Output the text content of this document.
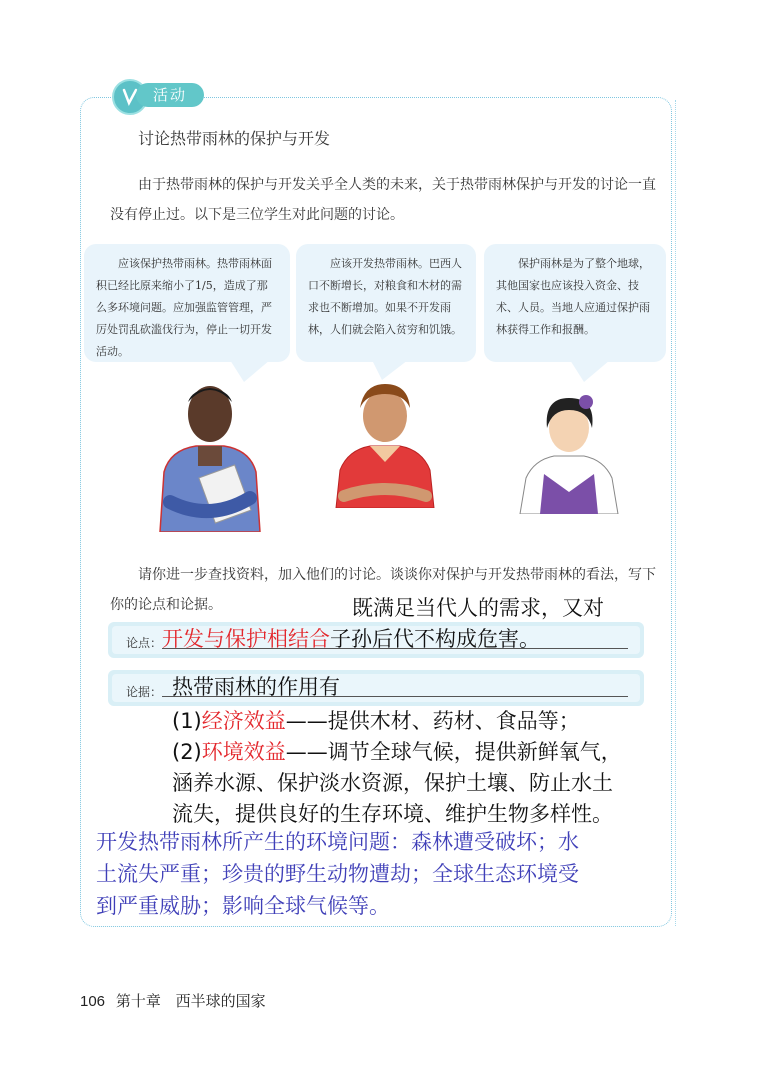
活动
讨论热带雨林的保护与开发
由于热带雨林的保护与开发关乎全人类的未来，关于热带雨林保护与开发的讨论一直没有停止过。以下是三位学生对此问题的讨论。
应该保护热带雨林。热带雨林面积已经比原来缩小了1/5，造成了那么多环境问题。应加强监管管理，严厉处罚乱砍滥伐行为，停止一切开发活动。
应该开发热带雨林。巴西人口不断增长，对粮食和木材的需求也不断增加。如果不开发雨林，人们就会陷入贫穷和饥饿。
保护雨林是为了整个地球，其他国家也应该投入资金、技术、人员。当地人应通过保护雨林获得工作和报酬。
请你进一步查找资料，加入他们的讨论。谈谈你对保护与开发热带雨林的看法，写下你的论点和论据。
论点：
论据：
既满足当代人的需求，又对
开发与保护相结合子孙后代不构成危害。
热带雨林的作用有
(1)经济效益——提供木材、药材、食品等；
(2)环境效益——调节全球气候，提供新鲜氧气，
涵养水源、保护淡水资源，保护土壤、防止水土
流失，提供良好的生存环境、维护生物多样性。
开发热带雨林所产生的环境问题：森林遭受破坏；水
土流失严重；珍贵的野生动物遭劫；全球生态环境受
到严重威胁；影响全球气候等。
106 第十章 西半球的国家
